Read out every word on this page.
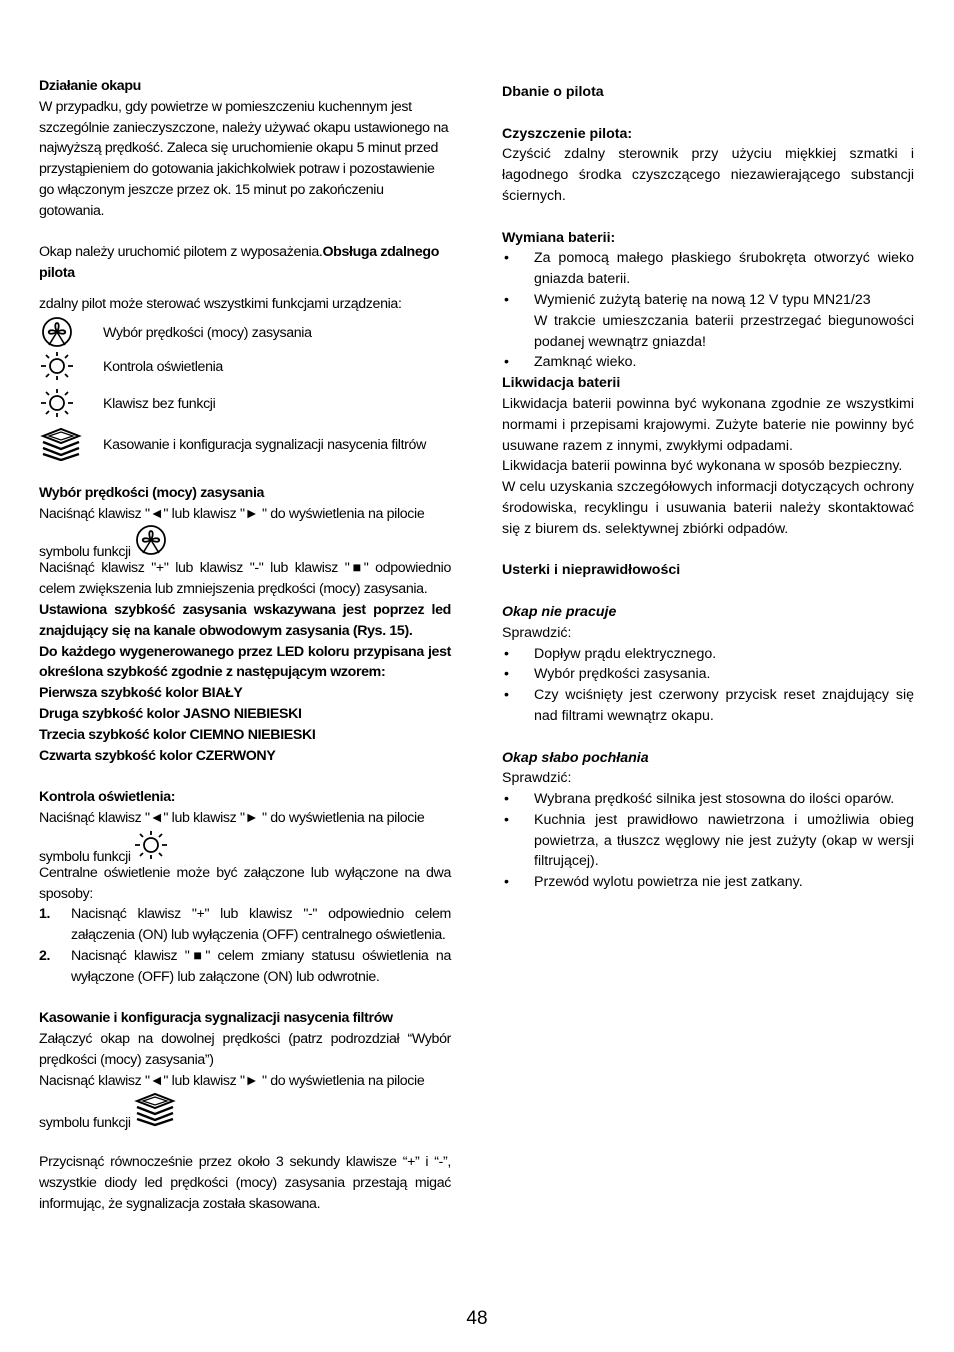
Działanie okapu

W przypadku, gdy powietrze w pomieszczeniu kuchennym jest szczególnie zanieczyszczone, należy używać okapu ustawionego na najwyższą prędkość. Zaleca się uruchomienie okapu 5 minut przed przystąpieniem do gotowania jakichkolwiek potraw i pozostawienie go włączonym jeszcze przez ok. 15 minut po zakończeniu gotowania.

Okap należy uruchomić pilotem z wyposażenia.Obsługa zdalnego pilota

zdalny pilot może sterować wszystkimi funkcjami urządzenia:

Wybór prędkości (mocy) zasysania
Kontrola oświetlenia
Klawisz bez funkcji
Kasowanie i konfiguracja sygnalizacji nasycenia filtrów

Wybór prędkości (mocy) zasysania

Naciśnąć klawisz "◄" lub klawisz "► " do wyświetlenia na pilocie

symbolu funkcji

Naciśnąć klawisz "+" lub klawisz "-" lub klawisz "■" odpowiednio celem zwiększenia lub zmniejszenia prędkości (mocy) zasysania.

Ustawiona szybkość zasysania wskazywana jest poprzez led znajdujący się na kanale obwodowym zasysania (Rys. 15).

Do każdego wygenerowanego przez LED koloru przypisana jest określona szybkość zgodnie z następującym wzorem:

Pierwsza szybkość kolor BIAŁY

Druga szybkość kolor JASNO NIEBIESKI

Trzecia szybkość kolor CIEMNO NIEBIESKI

Czwarta szybkość kolor CZERWONY

Kontrola oświetlenia:

Naciśnąć klawisz "◄" lub klawisz "► " do wyświetlenia na pilocie

symbolu funkcji

Centralne oświetlenie może być załączone lub wyłączone na dwa sposoby:

1. Nacisnąć klawisz "+" lub klawisz "-" odpowiednio celem załączenia (ON) lub wyłączenia (OFF) centralnego oświetlenia.
2. Nacisnąć klawisz "■" celem zmiany statusu oświetlenia na wyłączone (OFF) lub załączone (ON) lub odwrotnie.

Kasowanie i konfiguracja sygnalizacji nasycenia filtrów

Załączyć okap na dowolnej prędkości (patrz podrozdział “Wybór prędkości (mocy) zasysania”)

Nacisnąć klawisz "◄" lub klawisz "► " do wyświetlenia na pilocie

symbolu funkcji

Przycisnąć równocześnie przez około 3 sekundy klawisze “+” i “-”, wszystkie diody led prędkości (mocy) zasysania przestają migać informując, że sygnalizacja została skasowana.

Dbanie o pilota

Czyszczenie pilota:

Czyścić zdalny sterownik przy użyciu miękkiej szmatki i łagodnego środka czyszczącego niezawierającego substancji ściernych.

Wymiana baterii:

• Za pomocą małego płaskiego śrubokręta otworzyć wieko gniazda baterii.
• Wymienić zużytą baterię na nową 12 V typu MN21/23
W trakcie umieszczania baterii przestrzegać biegunowości podanej wewnątrz gniazda!
• Zamknąć wieko.

Likwidacja baterii

Likwidacja baterii powinna być wykonana zgodnie ze wszystkimi normami i przepisami krajowymi. Zużyte baterie nie powinny być usuwane razem z innymi, zwykłymi odpadami.

Likwidacja baterii powinna być wykonana w sposób bezpieczny.

W celu uzyskania szczegółowych informacji dotyczących ochrony środowiska, recyklingu i usuwania baterii należy skontaktować się z biurem ds. selektywnej zbiórki odpadów.

Usterki i nieprawidłowości

Okap nie pracuje

Sprawdzić:

• Dopływ prądu elektrycznego.
• Wybór prędkości zasysania.
• Czy wciśnięty jest czerwony przycisk reset znajdujący się nad filtrami wewnątrz okapu.

Okap słabo pochłania

Sprawdzić:

• Wybrana prędkość silnika jest stosowna do ilości oparów.
• Kuchnia jest prawidłowo nawietrzona i umożliwia obieg powietrza, a tłuszcz węglowy nie jest zużyty (okap w wersji filtrującej).
• Przewód wylotu powietrza nie jest zatkany.
48
